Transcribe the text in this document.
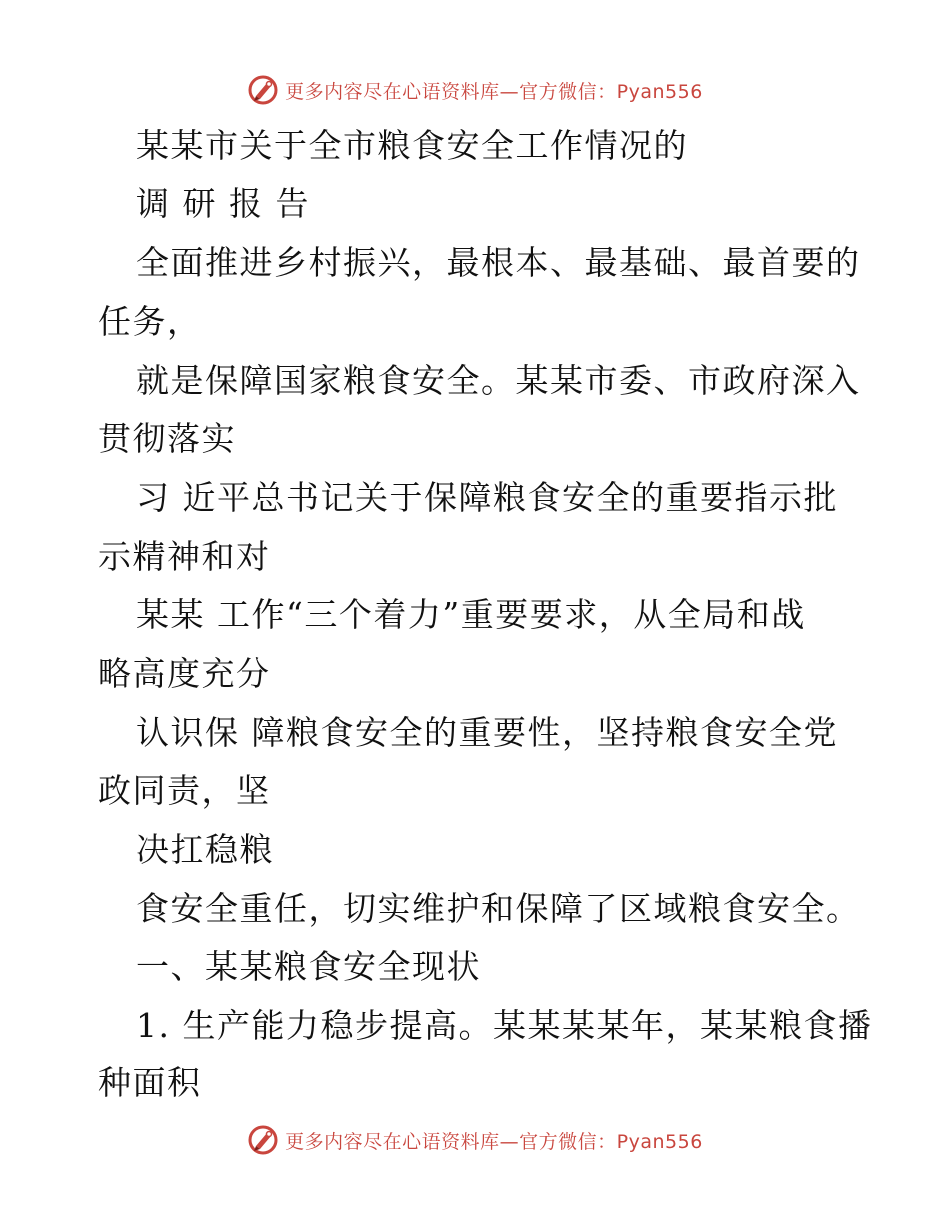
更多内容尽在心语资料库—官方微信：Pyan556
某某市关于全市粮食安全工作情况的
调 研 报 告
全面推进乡村振兴，最根本、最基础、最首要的
任务，
就是保障国家粮食安全。某某市委、市政府深入
贯彻落实
习 近平总书记关于保障粮食安全的重要指示批
示精神和对
某某 工作“三个着力”重要要求，从全局和战
略高度充分
认识保 障粮食安全的重要性，坚持粮食安全党
政同责，坚
决扛稳粮
食安全重任，切实维护和保障了区域粮食安全。
一、某某粮食安全现状
1. 生产能力稳步提高。某某某某年，某某粮食播
种面积
更多内容尽在心语资料库—官方微信：Pyan556
